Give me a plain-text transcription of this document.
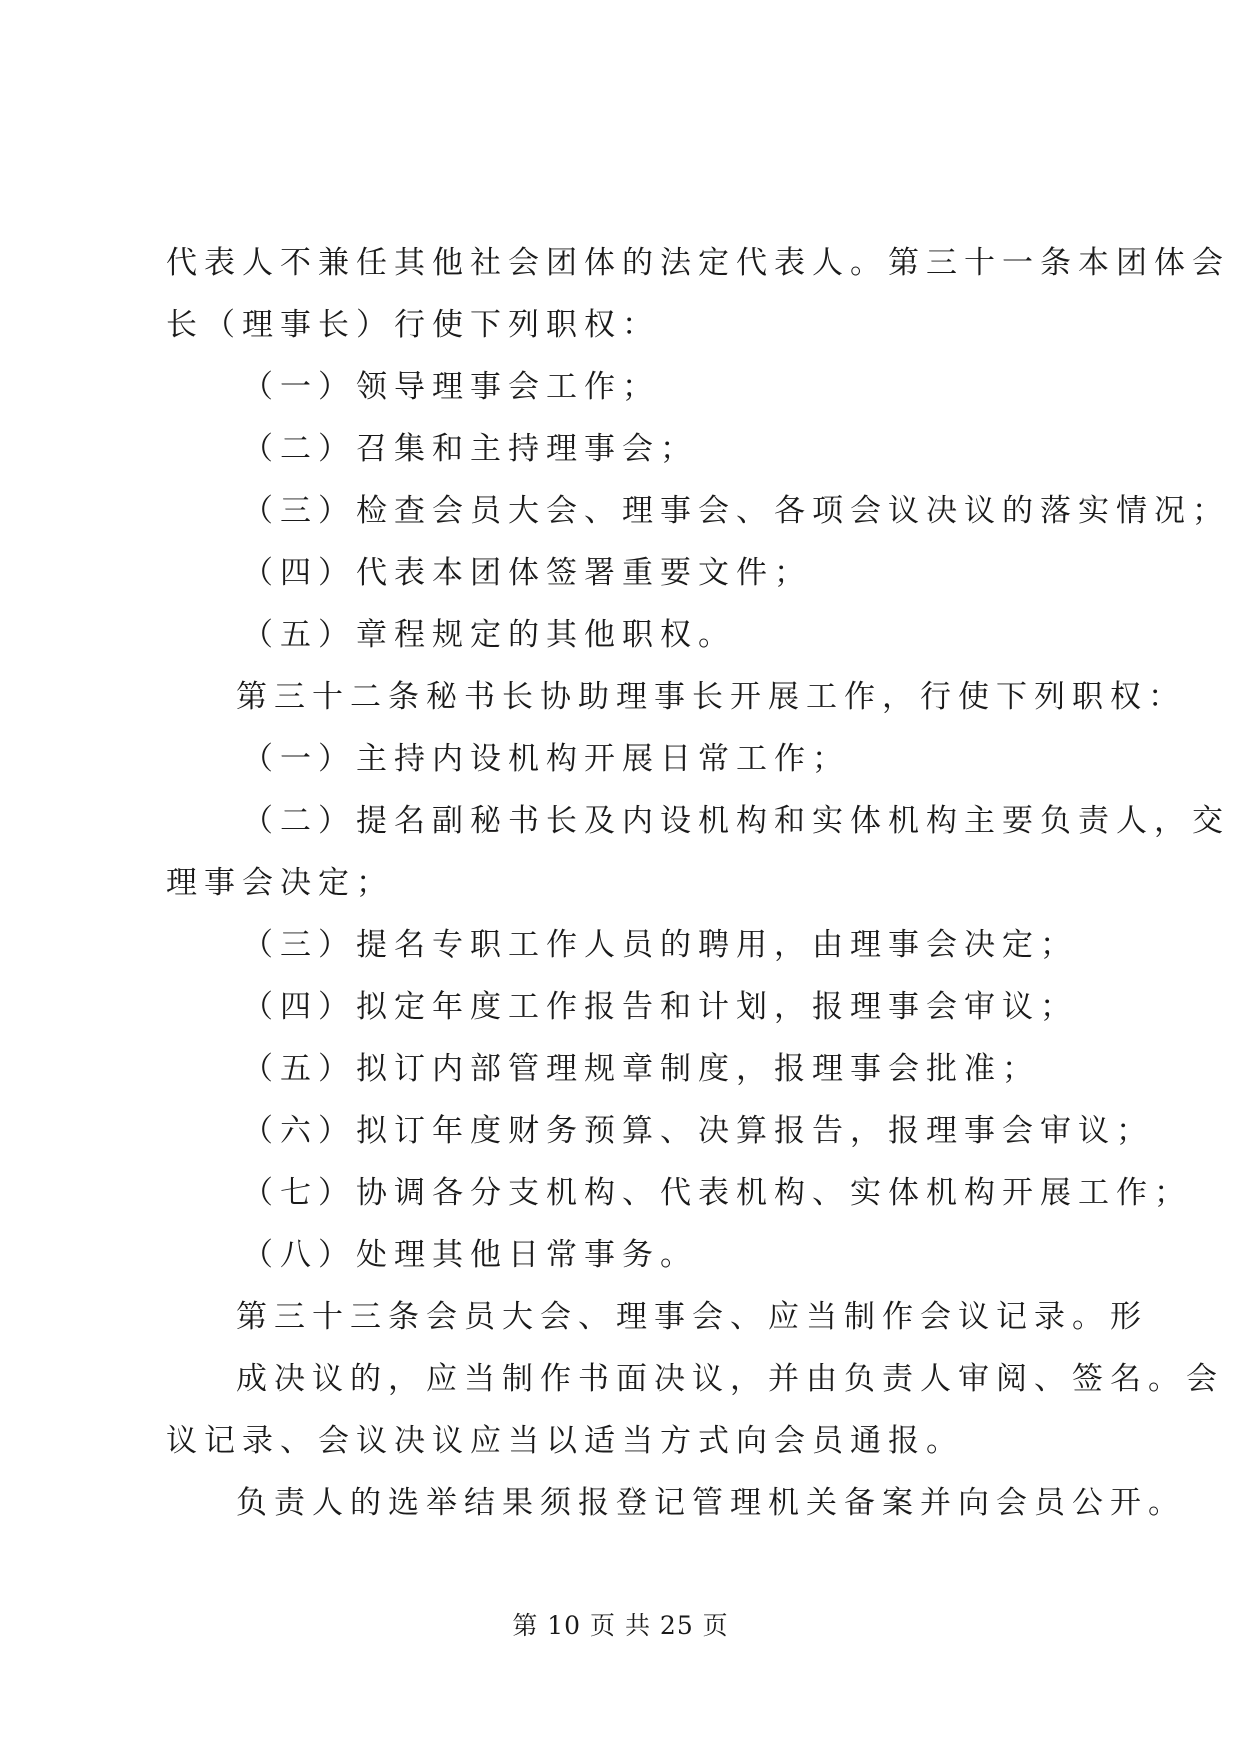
代表人不兼任其他社会团体的法定代表人。第三十一条本团体会
长（理事长）行使下列职权：
（一）领导理事会工作；
（二）召集和主持理事会；
（三）检查会员大会、理事会、各项会议决议的落实情况；
（四）代表本团体签署重要文件；
（五）章程规定的其他职权。
第三十二条秘书长协助理事长开展工作，行使下列职权：
（一）主持内设机构开展日常工作；
（二）提名副秘书长及内设机构和实体机构主要负责人，交
理事会决定；
（三）提名专职工作人员的聘用，由理事会决定；
（四）拟定年度工作报告和计划，报理事会审议；
（五）拟订内部管理规章制度，报理事会批准；
（六）拟订年度财务预算、决算报告，报理事会审议；
（七）协调各分支机构、代表机构、实体机构开展工作；
（八）处理其他日常事务。
第三十三条会员大会、理事会、应当制作会议记录。形
成决议的，应当制作书面决议，并由负责人审阅、签名。会
议记录、会议决议应当以适当方式向会员通报。
负责人的选举结果须报登记管理机关备案并向会员公开。
第 10 页 共 25 页
